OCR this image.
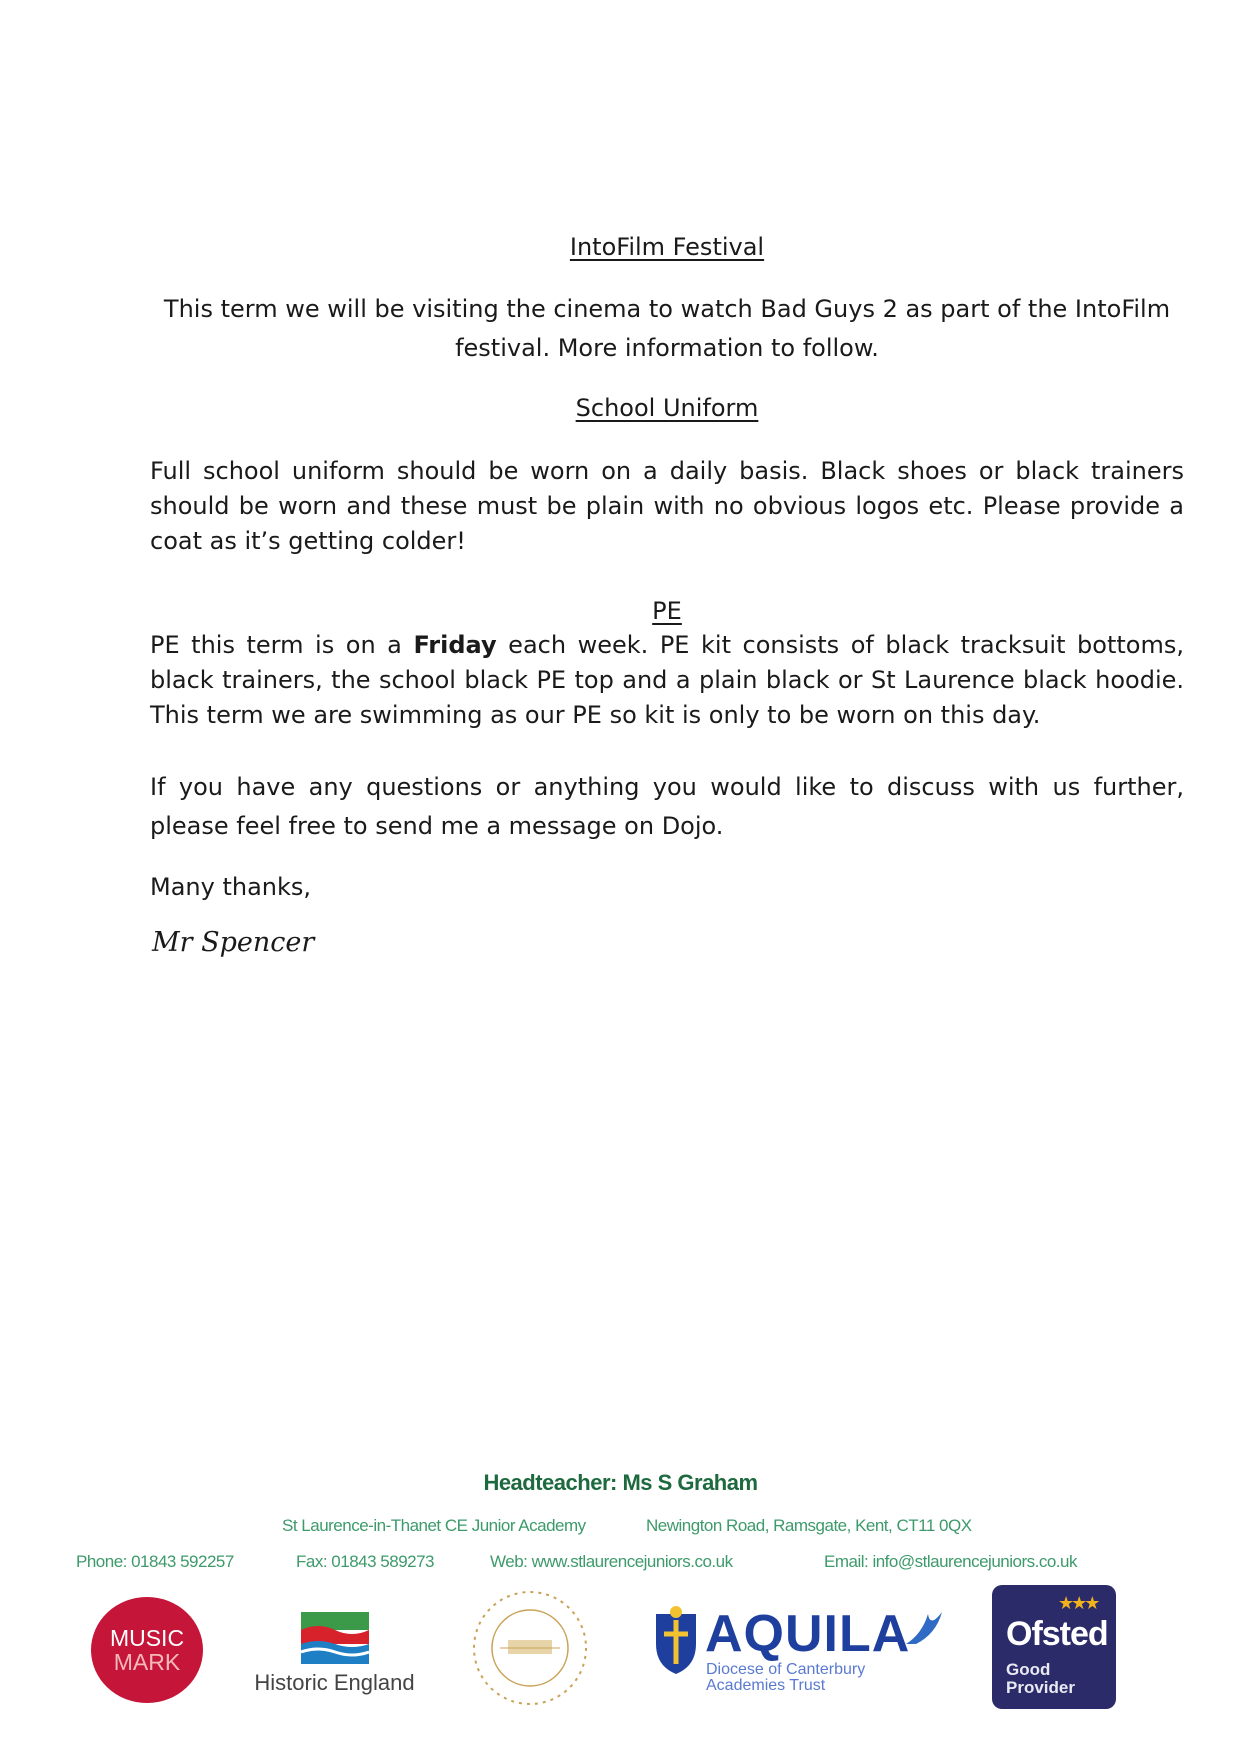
IntoFilm Festival
This term we will be visiting the cinema to watch Bad Guys 2 as part of the IntoFilm festival. More information to follow.
School Uniform
Full school uniform should be worn on a daily basis. Black shoes or black trainers should be worn and these must be plain with no obvious logos etc. Please provide a coat as it’s getting colder!
PE
PE this term is on a Friday each week. PE kit consists of black tracksuit bottoms, black trainers, the school black PE top and a plain black or St Laurence black hoodie. This term we are swimming as our PE so kit is only to be worn on this day.
If you have any questions or anything you would like to discuss with us further, please feel free to send me a message on Dojo.
Many thanks,
Mr Spencer
Headteacher: Ms S Graham
St Laurence-in-Thanet CE Junior Academy	Newington Road, Ramsgate, Kent, CT11 0QX
Phone: 01843 592257	Fax: 01843 589273	Web: www.stlaurencejuniors.co.uk	Email: info@stlaurencejuniors.co.uk
MUSIC
MARK
Historic England
AQUILA
Diocese of Canterbury
Academies Trust
★★★
Ofsted
Good
Provider
